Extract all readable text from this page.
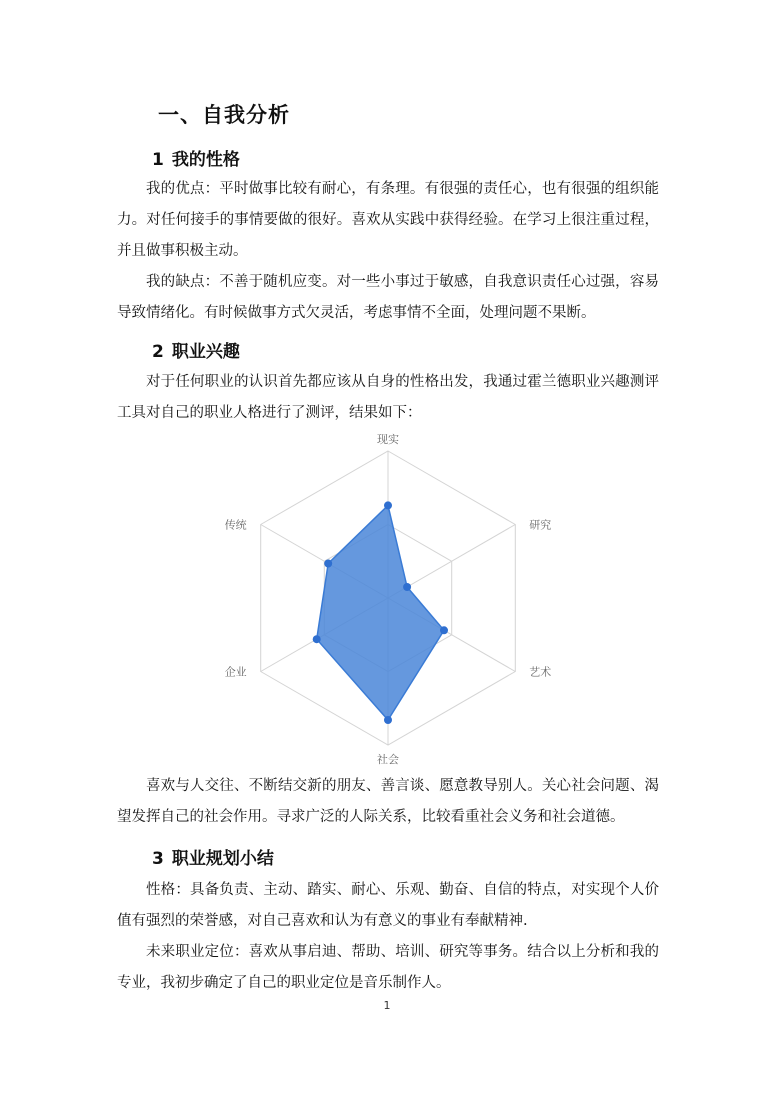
一、自我分析
1 我的性格

我的优点：平时做事比较有耐心，有条理。有很强的责任心，也有很强的组织能力。对任何接手的事情要做的很好。喜欢从实践中获得经验。在学习上很注重过程，并且做事积极主动。

我的缺点：不善于随机应变。对一些小事过于敏感，自我意识责任心过强，容易导致情绪化。有时候做事方式欠灵活，考虑事情不全面，处理问题不果断。

2 职业兴趣

对于任何职业的认识首先都应该从自身的性格出发，我通过霍兰德职业兴趣测评工具对自己的职业人格进行了测评，结果如下：

现实
研究
艺术
社会
企业
传统

喜欢与人交往、不断结交新的朋友、善言谈、愿意教导别人。关心社会问题、渴望发挥自己的社会作用。寻求广泛的人际关系，比较看重社会义务和社会道德。

3 职业规划小结

性格：具备负责、主动、踏实、耐心、乐观、勤奋、自信的特点，对实现个人价值有强烈的荣誉感，对自己喜欢和认为有意义的事业有奉献精神.

未来职业定位：喜欢从事启迪、帮助、培训、研究等事务。结合以上分析和我的专业，我初步确定了自己的职业定位是音乐制作人。

1
